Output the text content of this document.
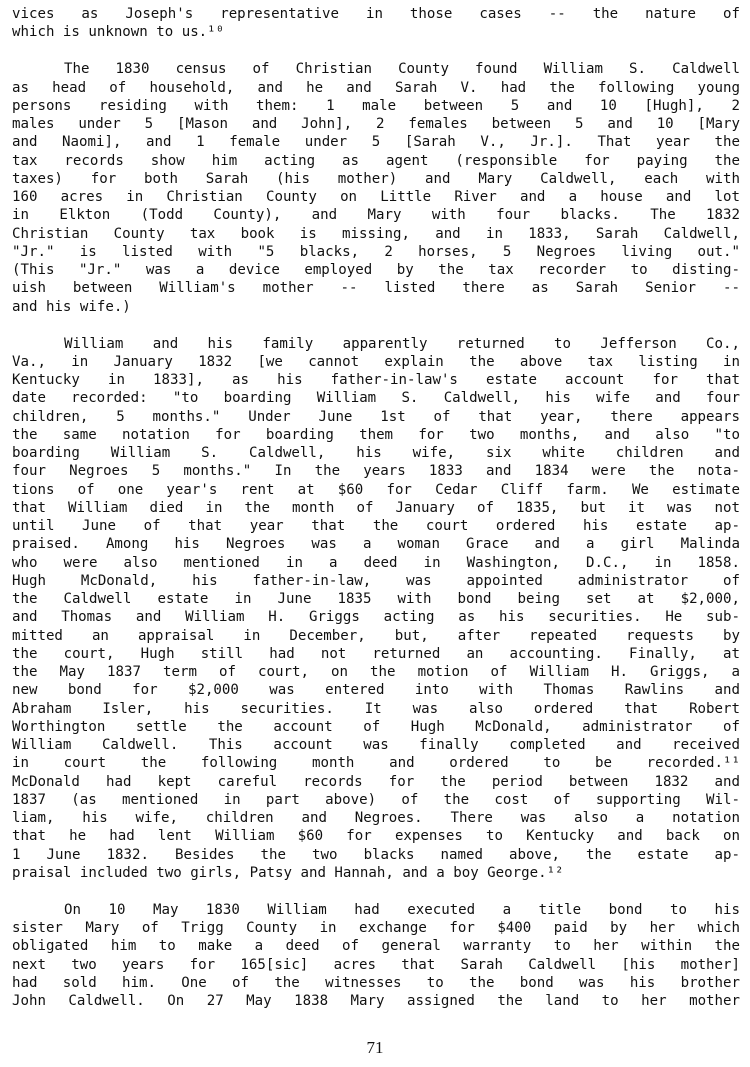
vices as Joseph's representative in those cases -- the nature of
which is unknown to us.¹⁰
The 1830 census of Christian County found William S. Caldwell
as head of household, and he and Sarah V. had the following young
persons residing with them: 1 male between 5 and 10 [Hugh], 2
males under 5 [Mason and John], 2 females between 5 and 10 [Mary
and Naomi], and 1 female under 5 [Sarah V., Jr.]. That year the
tax records show him acting as agent (responsible for paying the
taxes) for both Sarah (his mother) and Mary Caldwell, each with
160 acres in Christian County on Little River and a house and lot
in Elkton (Todd County), and Mary with four blacks. The 1832
Christian County tax book is missing, and in 1833, Sarah Caldwell,
"Jr." is listed with "5 blacks, 2 horses, 5 Negroes living out."
(This "Jr." was a device employed by the tax recorder to disting-
uish between William's mother -- listed there as Sarah Senior --
and his wife.)
William and his family apparently returned to Jefferson Co.,
Va., in January 1832 [we cannot explain the above tax listing in
Kentucky in 1833], as his father-in-law's estate account for that
date recorded: "to boarding William S. Caldwell, his wife and four
children, 5 months." Under June 1st of that year, there appears
the same notation for boarding them for two months, and also "to
boarding William S. Caldwell, his wife, six white children and
four Negroes 5 months." In the years 1833 and 1834 were the nota-
tions of one year's rent at $60 for Cedar Cliff farm. We estimate
that William died in the month of January of 1835, but it was not
until June of that year that the court ordered his estate ap-
praised. Among his Negroes was a woman Grace and a girl Malinda
who were also mentioned in a deed in Washington, D.C., in 1858.
Hugh McDonald, his father-in-law, was appointed administrator of
the Caldwell estate in June 1835 with bond being set at $2,000,
and Thomas and William H. Griggs acting as his securities. He sub-
mitted an appraisal in December, but, after repeated requests by
the court, Hugh still had not returned an accounting. Finally, at
the May 1837 term of court, on the motion of William H. Griggs, a
new bond for $2,000 was entered into with Thomas Rawlins and
Abraham Isler, his securities. It was also ordered that Robert
Worthington settle the account of Hugh McDonald, administrator of
William Caldwell. This account was finally completed and received
in court the following month and ordered to be recorded.¹¹
McDonald had kept careful records for the period between 1832 and
1837 (as mentioned in part above) of the cost of supporting Wil-
liam, his wife, children and Negroes. There was also a notation
that he had lent William $60 for expenses to Kentucky and back on
1 June 1832. Besides the two blacks named above, the estate ap-
praisal included two girls, Patsy and Hannah, and a boy George.¹²
On 10 May 1830 William had executed a title bond to his
sister Mary of Trigg County in exchange for $400 paid by her which
obligated him to make a deed of general warranty to her within the
next two years for 165[sic] acres that Sarah Caldwell [his mother]
had sold him. One of the witnesses to the bond was his brother
John Caldwell. On 27 May 1838 Mary assigned the land to her mother
71
